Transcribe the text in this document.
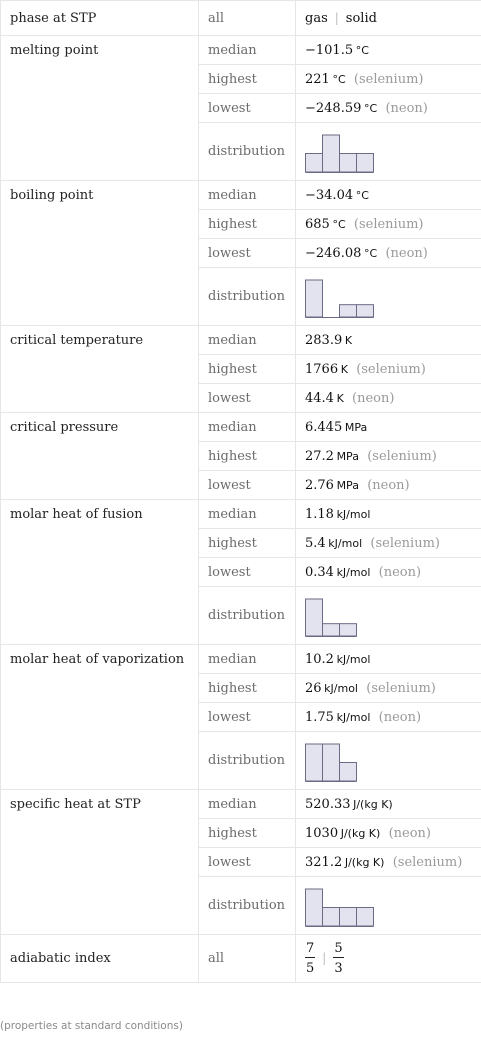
phase at STP	all	gas | solid
melting point	median	−101.5  °C
	highest	221  °C (selenium)
	lowest	−248.59  °C (neon)
	distribution	

boiling point	median	−34.04  °C
	highest	685  °C (selenium)
	lowest	−246.08  °C (neon)
	distribution	

critical temperature	median	283.9  K
	highest	1766  K (selenium)
	lowest	44.4  K (neon)
critical pressure	median	6.445  MPa
	highest	27.2  MPa (selenium)
	lowest	2.76  MPa (neon)
molar heat of fusion	median	1.18  kJ/mol
	highest	5.4  kJ/mol (selenium)
	lowest	0.34  kJ/mol (neon)
	distribution	

molar heat of vaporization	median	10.2  kJ/mol
	highest	26  kJ/mol (selenium)
	lowest	1.75  kJ/mol (neon)
	distribution	

specific heat at STP	median	520.33  J/(kg K)
	highest	1030  J/(kg K) (neon)
	lowest	321.2  J/(kg K) (selenium)
	distribution	

adiabatic index	all	$\frac{7}{5}$ | $\frac{5}{3}$
(properties at standard conditions)
